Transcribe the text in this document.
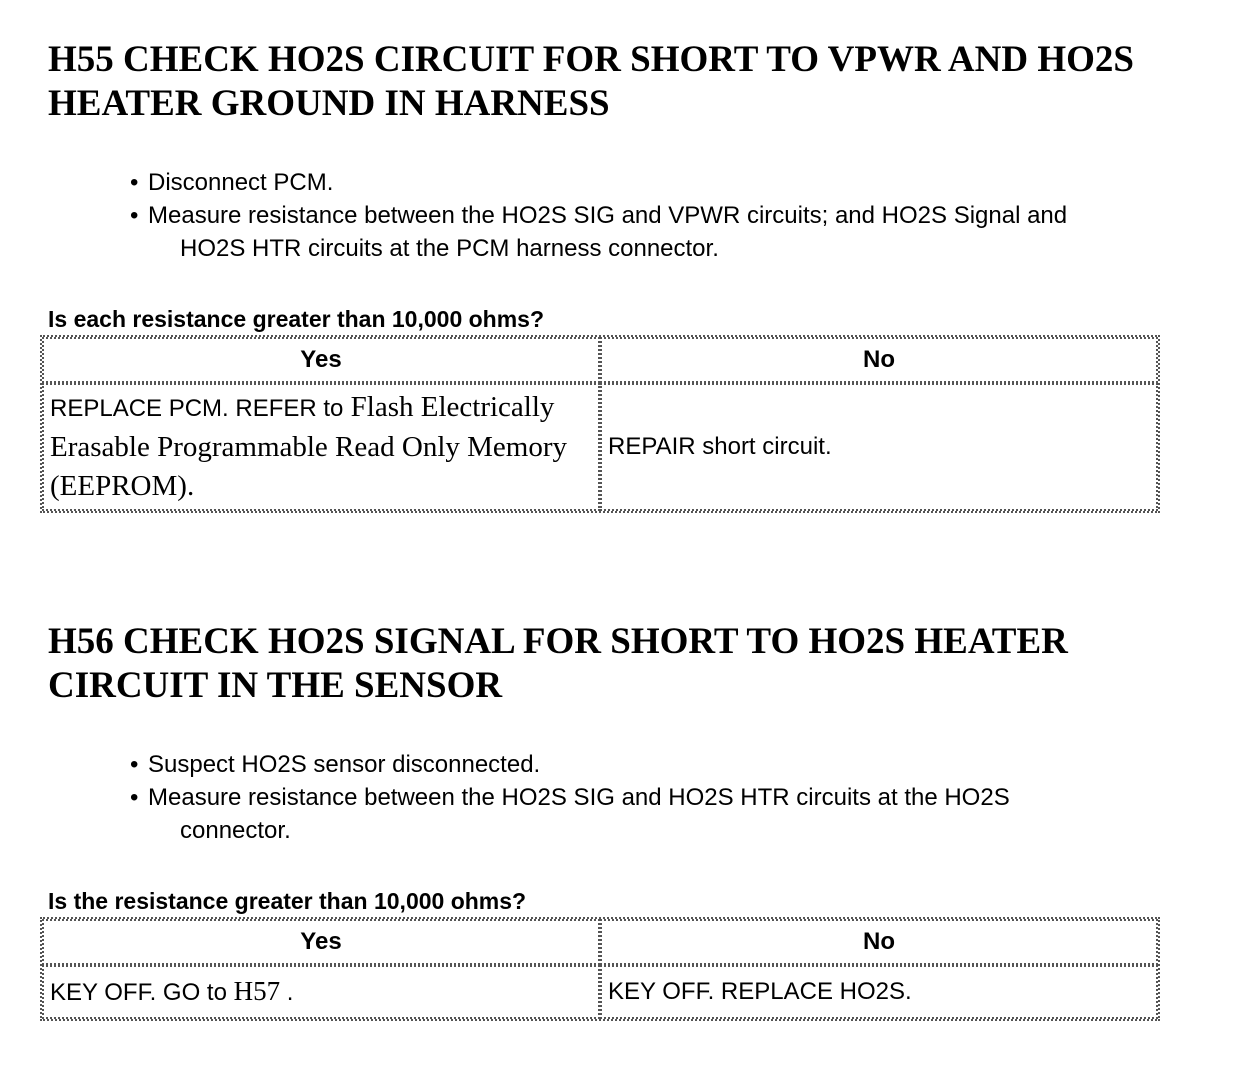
H55 CHECK HO2S CIRCUIT FOR SHORT TO VPWR AND HO2S HEATER GROUND IN HARNESS
• Disconnect PCM.
• Measure resistance between the HO2S SIG and VPWR circuits; and HO2S Signal and
HO2S HTR circuits at the PCM harness connector.

Is each resistance greater than 10,000 ohms?

Yes	No
REPLACE PCM. REFER to Flash Electrically Erasable Programmable Read Only Memory (EEPROM).	REPAIR short circuit.
H56 CHECK HO2S SIGNAL FOR SHORT TO HO2S HEATER CIRCUIT IN THE SENSOR
• Suspect HO2S sensor disconnected.
• Measure resistance between the HO2S SIG and HO2S HTR circuits at the HO2S
connector.

Is the resistance greater than 10,000 ohms?

Yes	No
KEY OFF. GO to H57 .	KEY OFF. REPLACE HO2S.
